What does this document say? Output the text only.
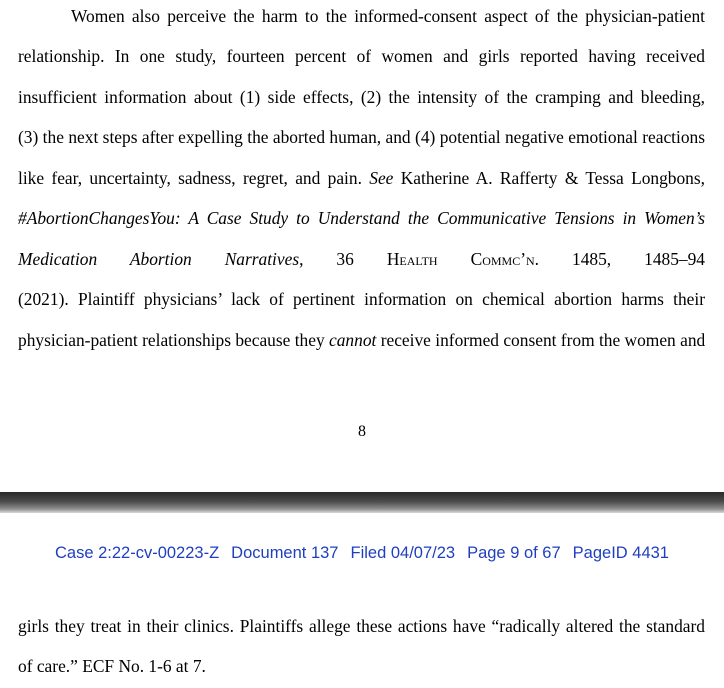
Women also perceive the harm to the informed-consent aspect of the physician-patient
relationship. In one study, fourteen percent of women and girls reported having received
insufficient information about (1) side effects, (2) the intensity of the cramping and bleeding,
(3) the next steps after expelling the aborted human, and (4) potential negative emotional reactions
like fear, uncertainty, sadness, regret, and pain. See Katherine A. Rafferty & Tessa Longbons,
#AbortionChangesYou: A Case Study to Understand the Communicative Tensions in Women’s
Medication Abortion Narratives, 36 Health Commc’n. 1485, 1485–94
(2021). Plaintiff physicians’ lack of pertinent information on chemical abortion harms their
physician-patient relationships because they cannot receive informed consent from the women and
8
Case 2:22-cv-00223-Z Document 137 Filed 04/07/23 Page 9 of 67 PageID 4431
girls they treat in their clinics. Plaintiffs allege these actions have “radically altered the standard
of care.” ECF No. 1-6 at 7.
